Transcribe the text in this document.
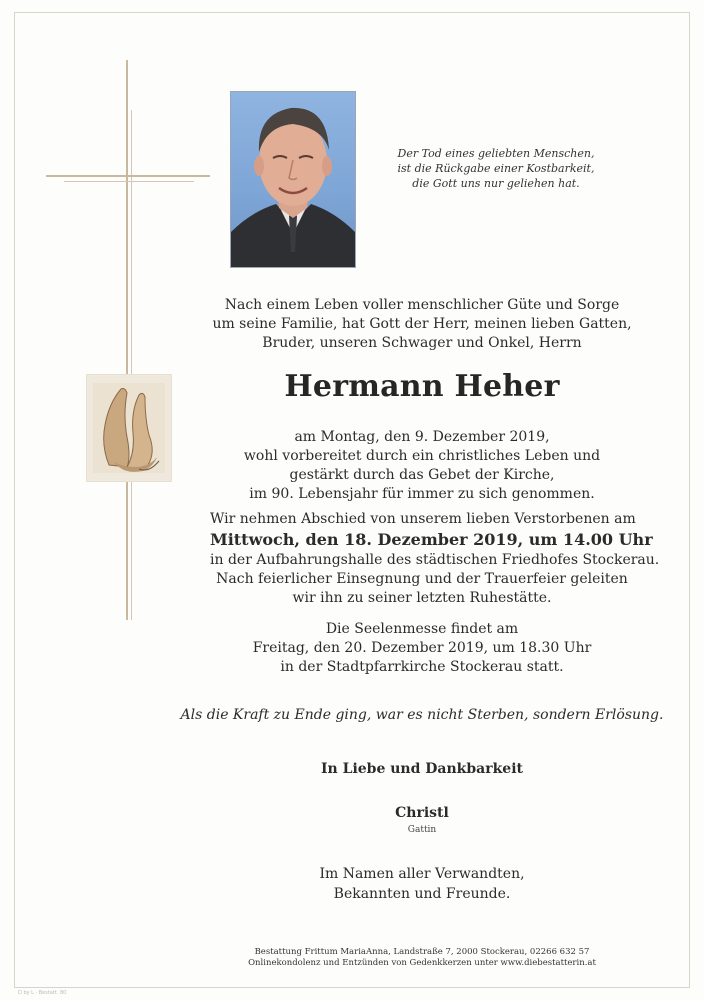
Der Tod eines geliebten Menschen,
ist die Rückgabe einer Kostbarkeit,
die Gott uns nur geliehen hat.
Nach einem Leben voller menschlicher Güte und Sorge
um seine Familie, hat Gott der Herr, meinen lieben Gatten,
Bruder, unseren Schwager und Onkel, Herrn
Hermann Heher
am Montag, den 9. Dezember 2019,
wohl vorbereitet durch ein christliches Leben und
gestärkt durch das Gebet der Kirche,
im 90. Lebensjahr für immer zu sich genommen.
Wir nehmen Abschied von unserem lieben Verstorbenen am
Mittwoch, den 18. Dezember 2019, um 14.00 Uhr
in der Aufbahrungshalle des städtischen Friedhofes Stockerau.
Nach feierlicher Einsegnung und der Trauerfeier geleiten
wir ihn zu seiner letzten Ruhestätte.
Die Seelenmesse findet am
Freitag, den 20. Dezember 2019, um 18.30 Uhr
in der Stadtpfarrkirche Stockerau statt.
Als die Kraft zu Ende ging, war es nicht Sterben, sondern Erlösung.
In Liebe und Dankbarkeit
Christl
Gattin
Im Namen aller Verwandten,
Bekannten und Freunde.
Bestattung Frittum MariaAnna, Landstraße 7, 2000 Stockerau, 02266 632 57
Onlinekondolenz und Entzünden von Gedenkkerzen unter www.diebestatterin.at
D by L · Bestatt. 80
